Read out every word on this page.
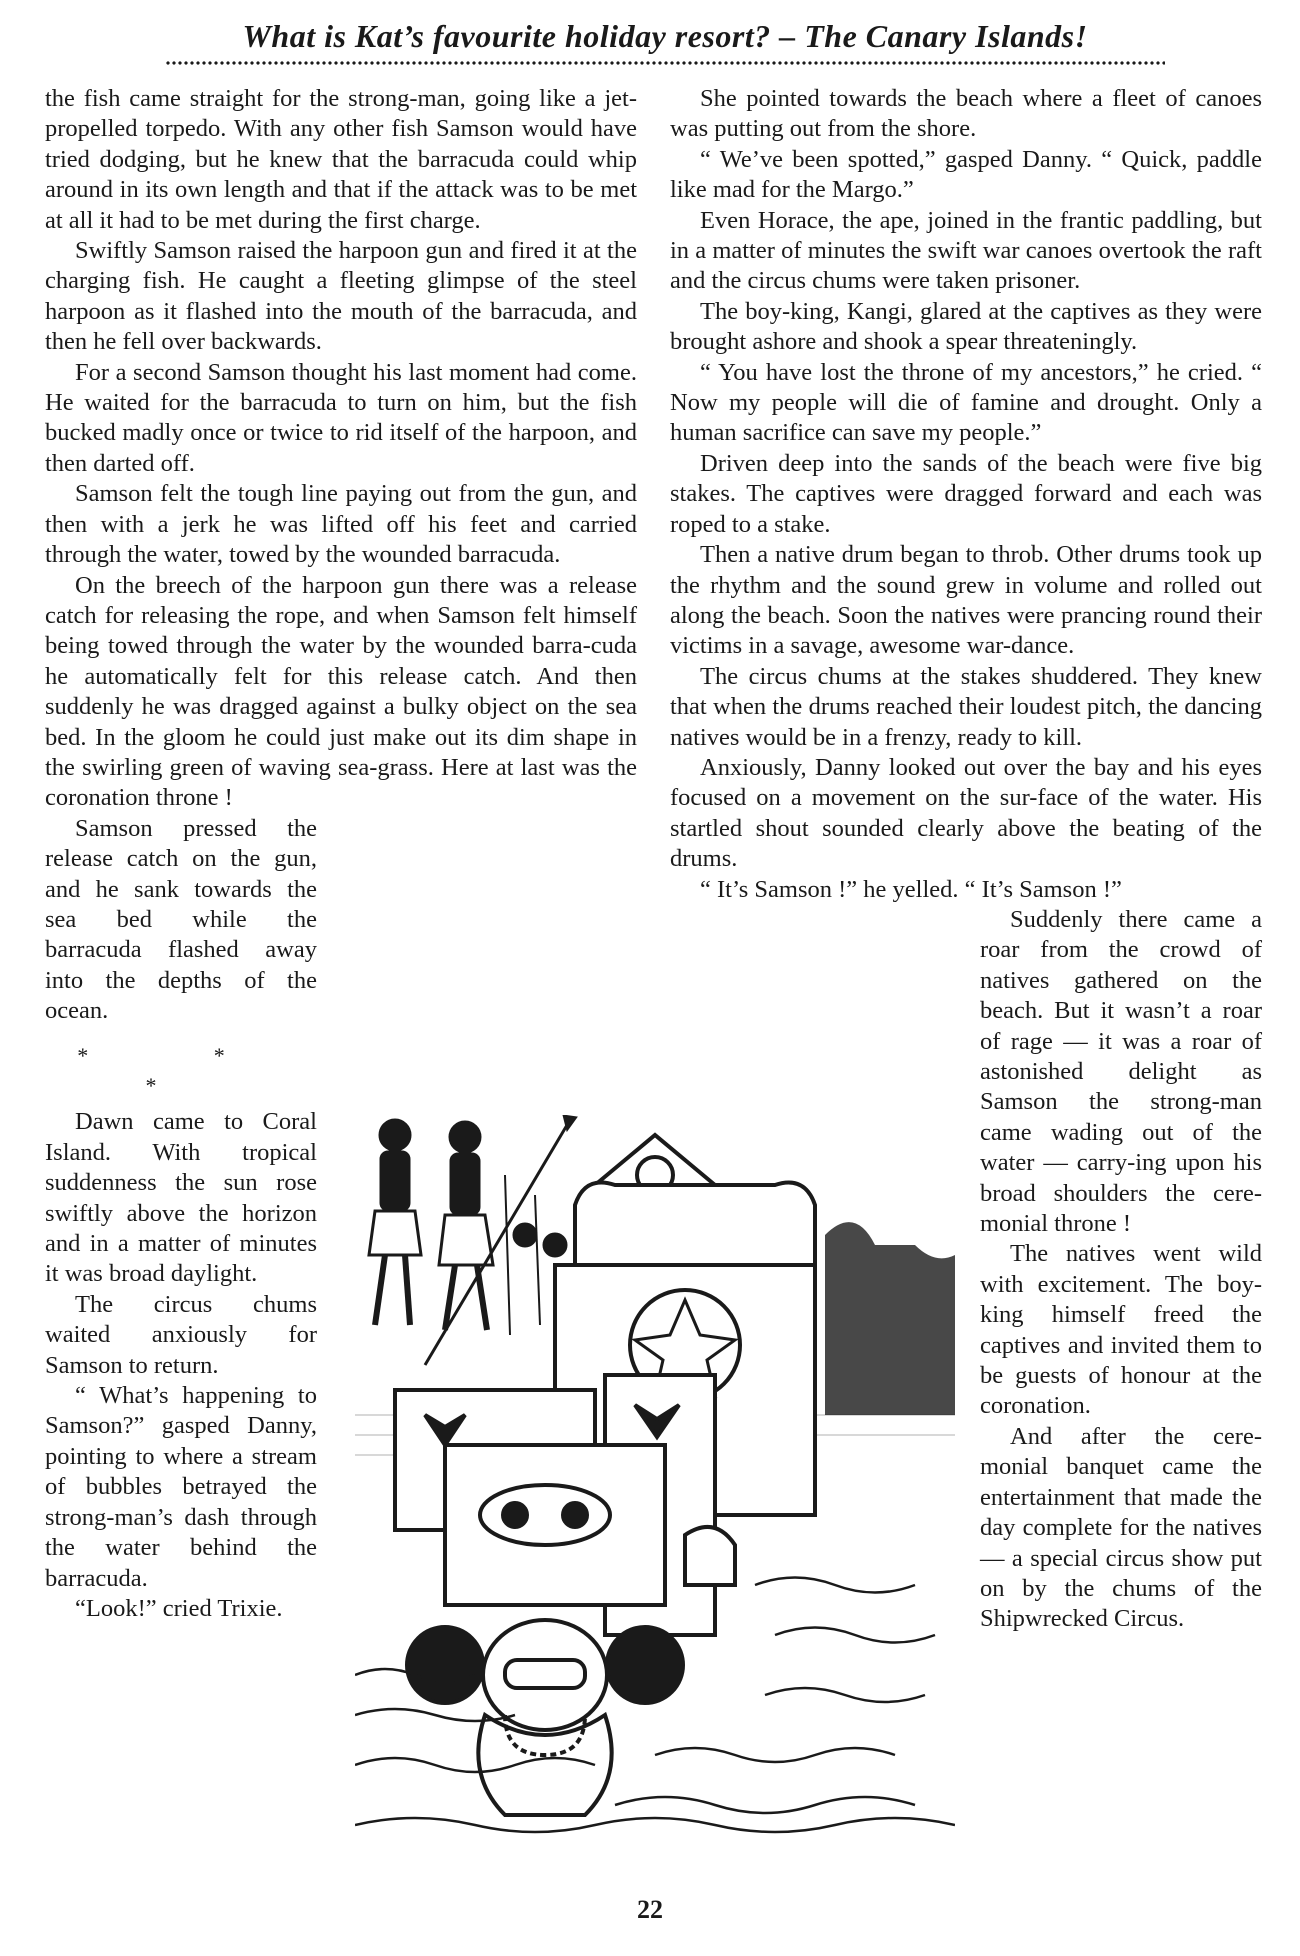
What is Kat’s favourite holiday resort? – The Canary Islands!

the fish came straight for the strong-man, going like a jet-propelled torpedo. With any other fish Samson would have tried dodging, but he knew that the barracuda could whip around in its own length and that if the attack was to be met at all it had to be met during the first charge.

Swiftly Samson raised the harpoon gun and fired it at the charging fish. He caught a fleeting glimpse of the steel harpoon as it flashed into the mouth of the barracuda, and then he fell over backwards.

For a second Samson thought his last moment had come. He waited for the barracuda to turn on him, but the fish bucked madly once or twice to rid itself of the harpoon, and then darted off.

Samson felt the tough line paying out from the gun, and then with a jerk he was lifted off his feet and carried through the water, towed by the wounded barracuda.

On the breech of the harpoon gun there was a release catch for releasing the rope, and when Samson felt himself being towed through the water by the wounded barra-cuda he automatically felt for this release catch. And then suddenly he was dragged against a bulky object on the sea bed. In the gloom he could just make out its dim shape in the swirling green of waving sea-grass. Here at last was the coronation throne !

Samson pressed the release catch on the gun, and he sank towards the sea bed while the barracuda flashed away into the depths of the ocean.

* * *

Dawn came to Coral Island. With tropical suddenness the sun rose swiftly above the horizon and in a matter of minutes it was broad daylight.

The circus chums waited anxiously for Samson to return.

“ What’s happening to Samson?” gasped Danny, pointing to where a stream of bubbles betrayed the strong-man’s dash through the water behind the barracuda.

“Look!” cried Trixie.

She pointed towards the beach where a fleet of canoes was putting out from the shore.

“ We’ve been spotted,” gasped Danny. “ Quick, paddle like mad for the Margo.”

Even Horace, the ape, joined in the frantic paddling, but in a matter of minutes the swift war canoes overtook the raft and the circus chums were taken prisoner.

The boy-king, Kangi, glared at the captives as they were brought ashore and shook a spear threateningly.

“ You have lost the throne of my ancestors,” he cried. “ Now my people will die of famine and drought. Only a human sacrifice can save my people.”

Driven deep into the sands of the beach were five big stakes. The captives were dragged forward and each was roped to a stake.

Then a native drum began to throb. Other drums took up the rhythm and the sound grew in volume and rolled out along the beach. Soon the natives were prancing round their victims in a savage, awesome war-dance.

The circus chums at the stakes shuddered. They knew that when the drums reached their loudest pitch, the dancing natives would be in a frenzy, ready to kill.

Anxiously, Danny looked out over the bay and his eyes focused on a movement on the sur-face of the water. His startled shout sounded clearly above the beating of the drums.

“ It’s Samson !” he yelled. “ It’s Samson !”

Suddenly there came a roar from the crowd of natives gathered on the beach. But it wasn’t a roar of rage — it was a roar of astonished delight as Samson the strong-man came wading out of the water — carry-ing upon his broad shoulders the cere-monial throne !

The natives went wild with excitement. The boy-king himself freed the captives and invited them to be guests of honour at the coronation.

And after the cere-monial banquet came the entertainment that made the day complete for the natives — a special circus show put on by the chums of the Shipwrecked Circus.

22
